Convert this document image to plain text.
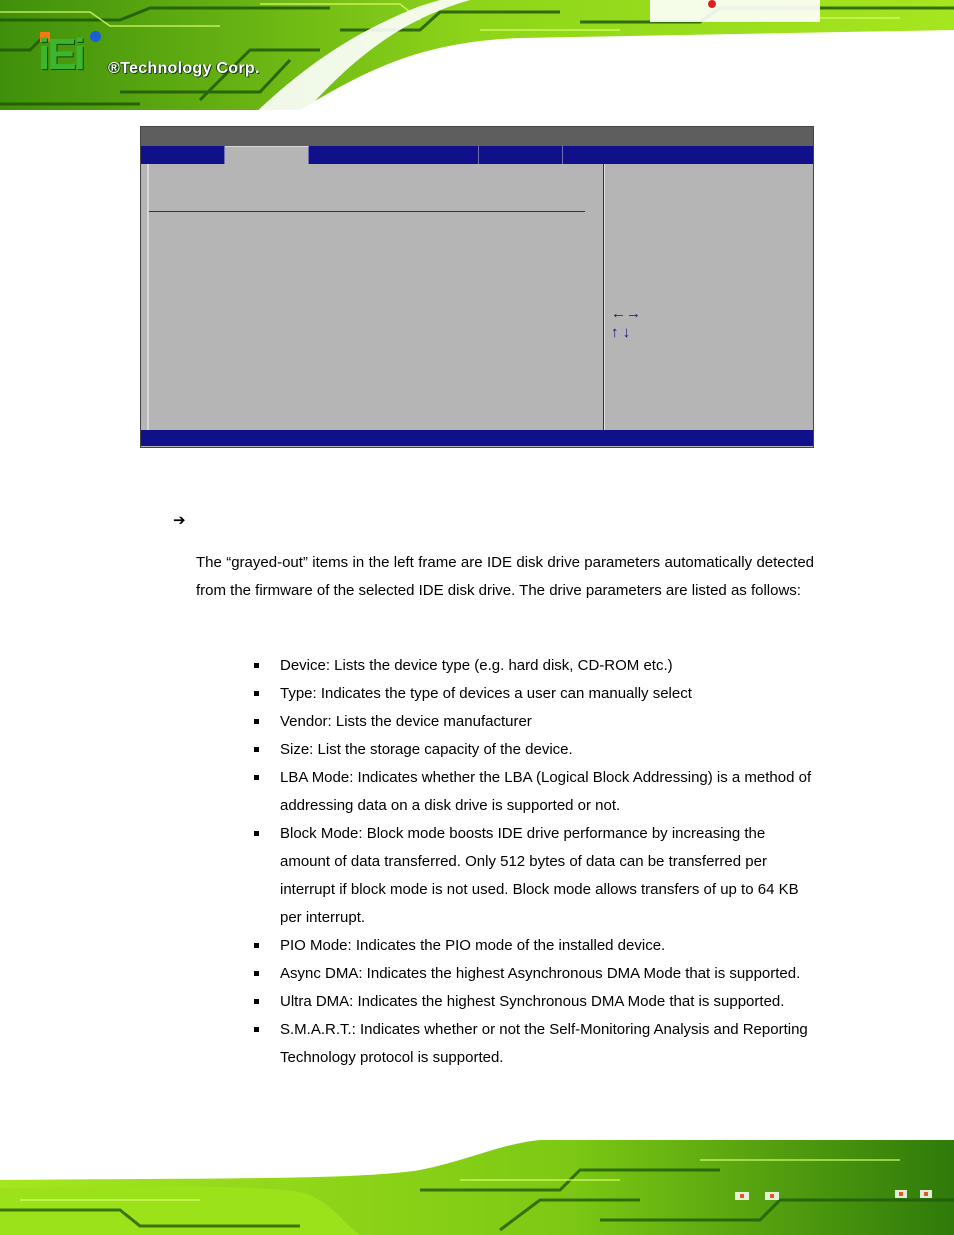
iEi ®Technology Corp.
←→
↑ ↓
➔

The “grayed-out” items in the left frame are IDE disk drive parameters automatically detected from the firmware of the selected IDE disk drive. The drive parameters are listed as follows:

Device: Lists the device type (e.g. hard disk, CD-ROM etc.)
Type: Indicates the type of devices a user can manually select
Vendor: Lists the device manufacturer
Size: List the storage capacity of the device.
LBA Mode: Indicates whether the LBA (Logical Block Addressing) is a method of addressing data on a disk drive is supported or not.
Block Mode: Block mode boosts IDE drive performance by increasing the amount of data transferred. Only 512 bytes of data can be transferred per interrupt if block mode is not used. Block mode allows transfers of up to 64 KB per interrupt.
PIO Mode: Indicates the PIO mode of the installed device.
Async DMA: Indicates the highest Asynchronous DMA Mode that is supported.
Ultra DMA: Indicates the highest Synchronous DMA Mode that is supported.
S.M.A.R.T.: Indicates whether or not the Self-Monitoring Analysis and Reporting Technology protocol is supported.
